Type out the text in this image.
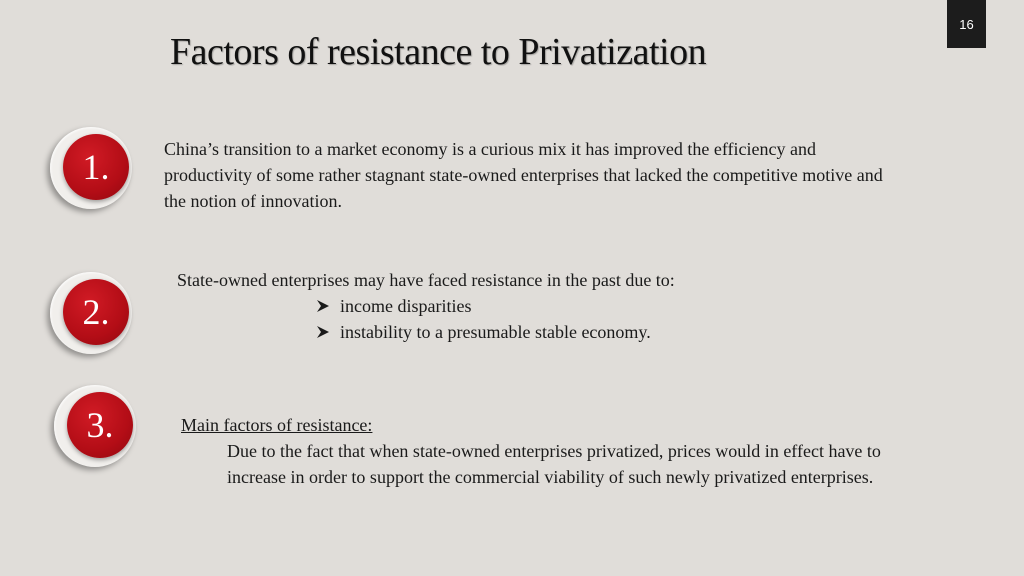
Factors of resistance to Privatization
16
1.	China’s transition to a market economy is a curious mix it has improved the efficiency and productivity of some rather stagnant state-owned enterprises that lacked the competitive motive and the notion of innovation.
2.
State-owned enterprises may have faced resistance in the past due to:
income disparities
instability to a presumable stable economy.
3.	Main factors of resistance:
Due to the fact that when state-owned enterprises privatized, prices would in effect have to increase in order to support the commercial viability of such newly privatized enterprises.
